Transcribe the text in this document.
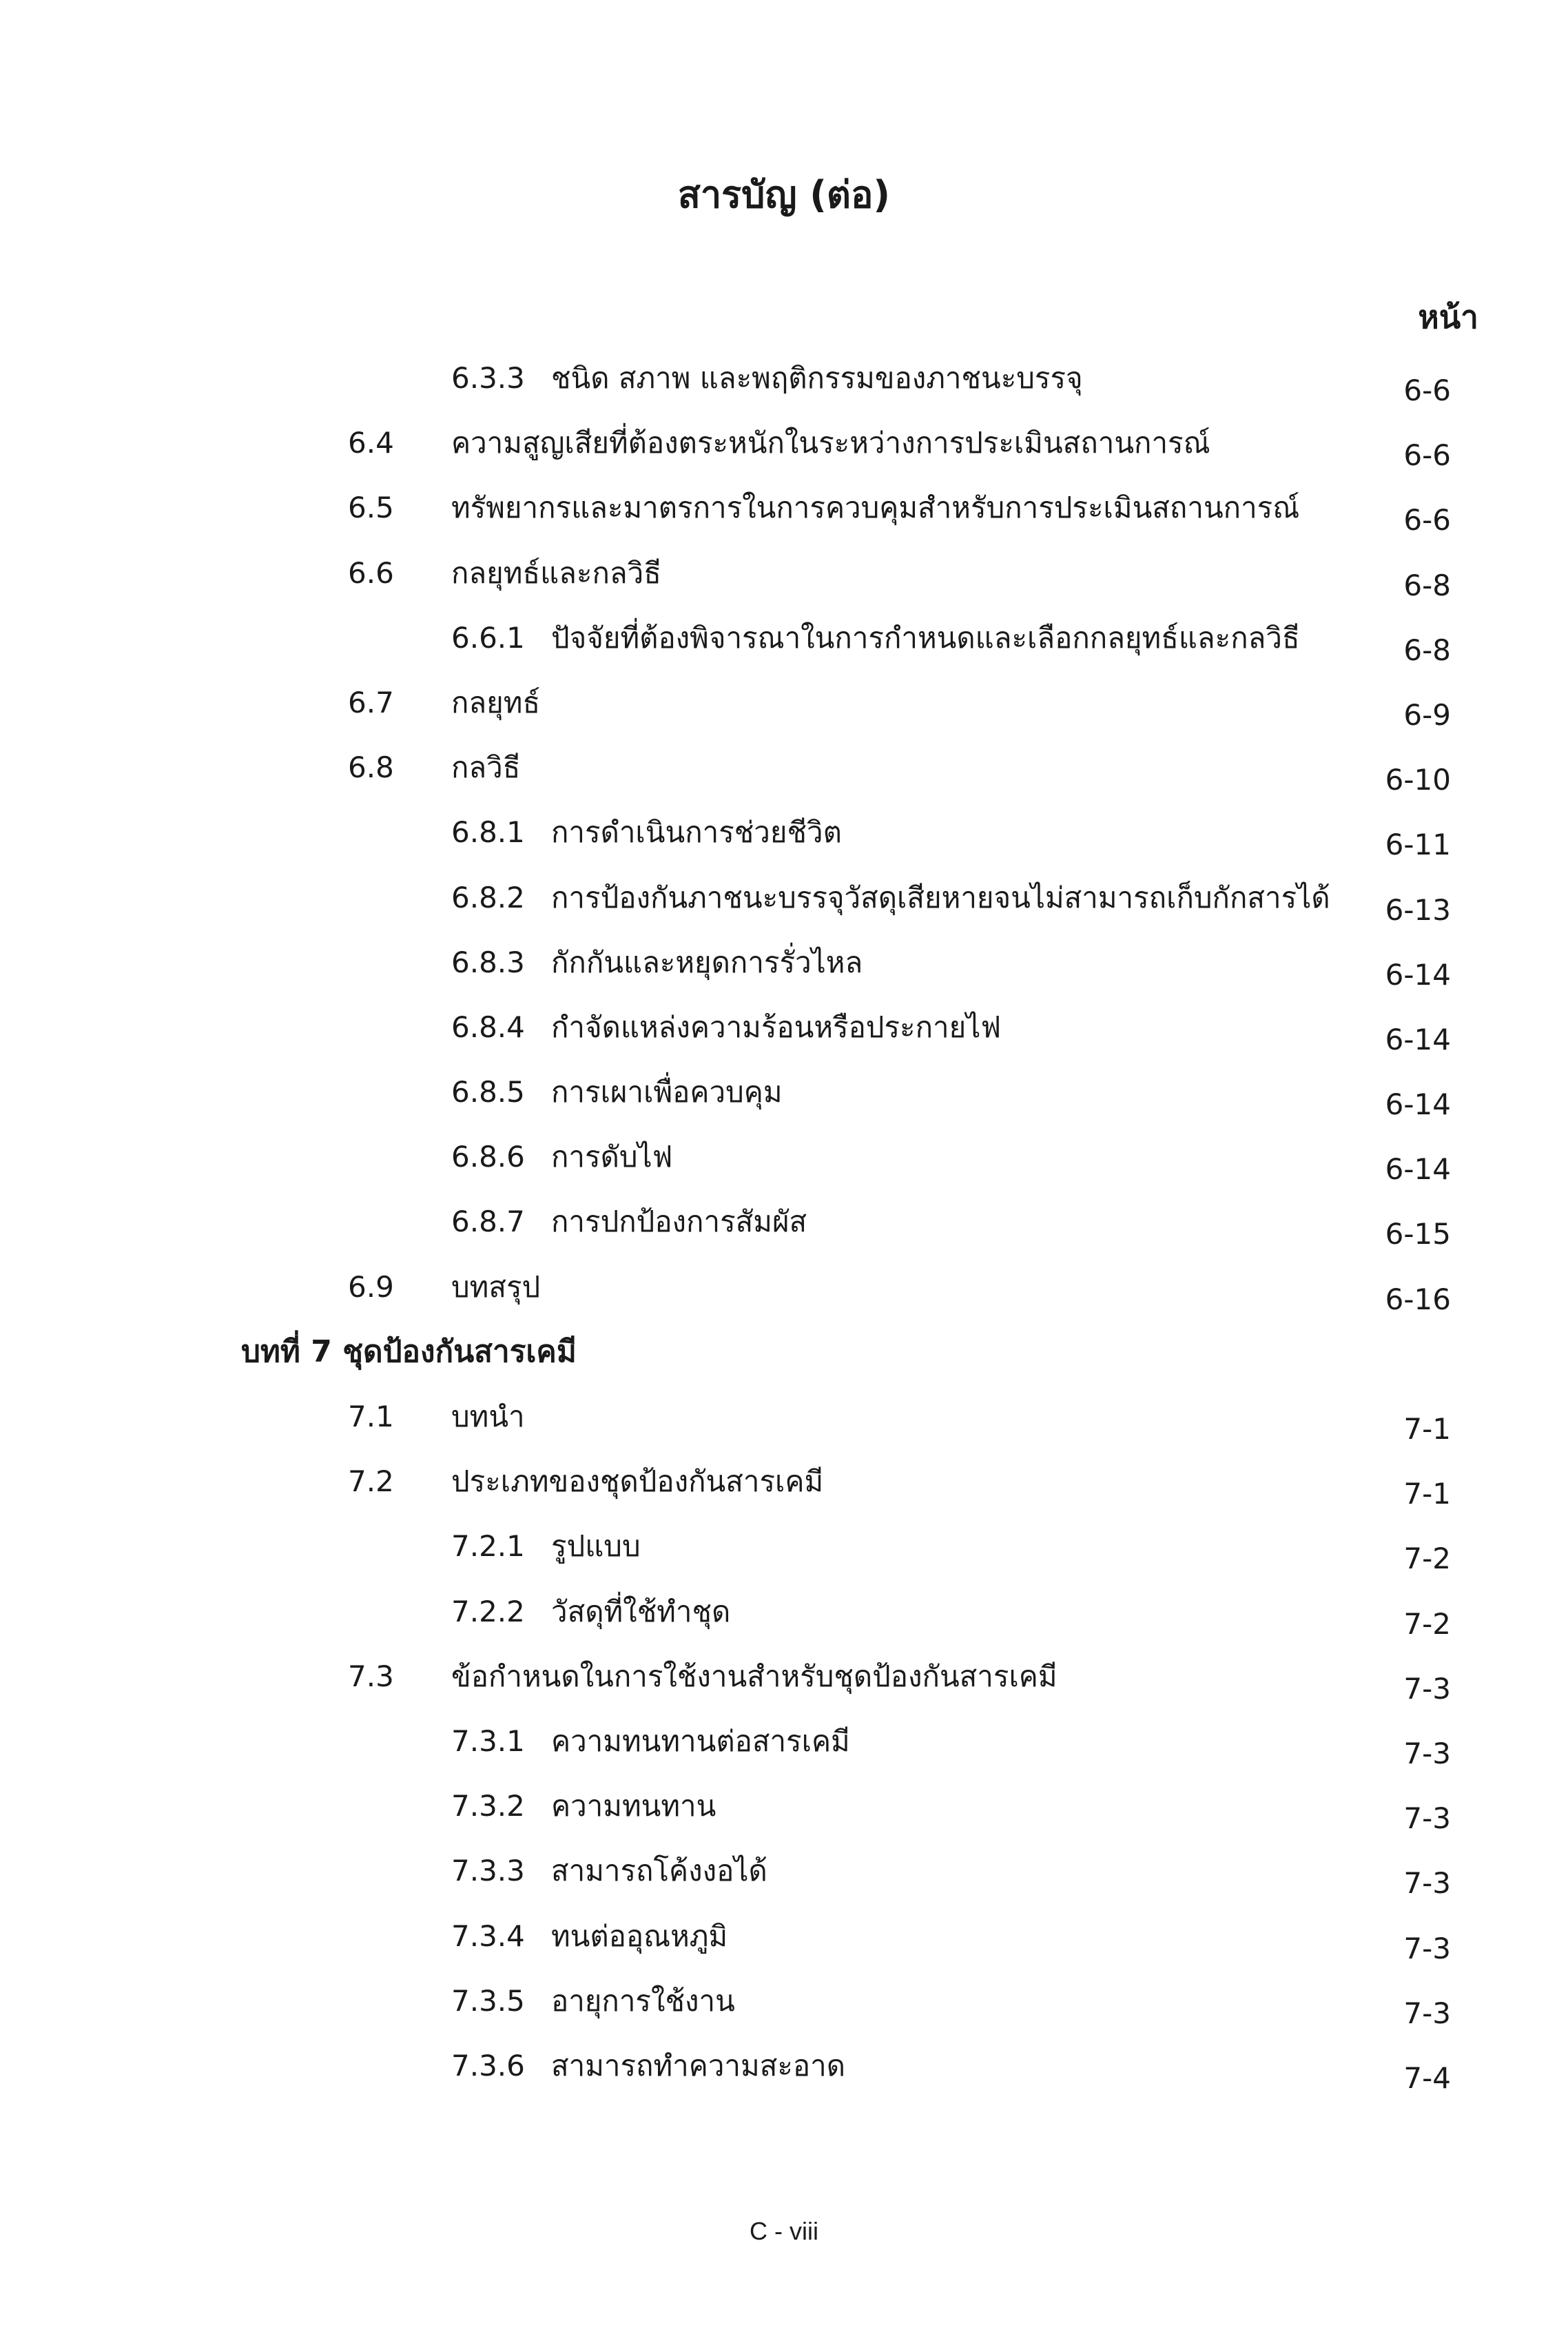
สารบัญ (ต่อ)
หน้า
6.3.3 ชนิด สภาพ และพฤติกรรมของภาชนะบรรจุ	6-6
6.4 ความสูญเสียที่ต้องตระหนักในระหว่างการประเมินสถานการณ์	6-6
6.5 ทรัพยากรและมาตรการในการควบคุมสำหรับการประเมินสถานการณ์	6-6
6.6 กลยุทธ์และกลวิธี	6-8
6.6.1 ปัจจัยที่ต้องพิจารณาในการกำหนดและเลือกกลยุทธ์และกลวิธี	6-8
6.7 กลยุทธ์	6-9
6.8 กลวิธี	6-10
6.8.1 การดำเนินการช่วยชีวิต	6-11
6.8.2 การป้องกันภาชนะบรรจุวัสดุเสียหายจนไม่สามารถเก็บกักสารได้	6-13
6.8.3 กักกันและหยุดการรั่วไหล	6-14
6.8.4 กำจัดแหล่งความร้อนหรือประกายไฟ	6-14
6.8.5 การเผาเพื่อควบคุม	6-14
6.8.6 การดับไฟ	6-14
6.8.7 การปกป้องการสัมผัส	6-15
6.9 บทสรุป	6-16
บทที่ 7 ชุดป้องกันสารเคมี
7.1 บทนำ	7-1
7.2 ประเภทของชุดป้องกันสารเคมี	7-1
7.2.1 รูปแบบ	7-2
7.2.2 วัสดุที่ใช้ทำชุด	7-2
7.3 ข้อกำหนดในการใช้งานสำหรับชุดป้องกันสารเคมี	7-3
7.3.1 ความทนทานต่อสารเคมี	7-3
7.3.2 ความทนทาน	7-3
7.3.3 สามารถโค้งงอได้	7-3
7.3.4 ทนต่ออุณหภูมิ	7-3
7.3.5 อายุการใช้งาน	7-3
7.3.6 สามารถทำความสะอาด	7-4
C - viii
